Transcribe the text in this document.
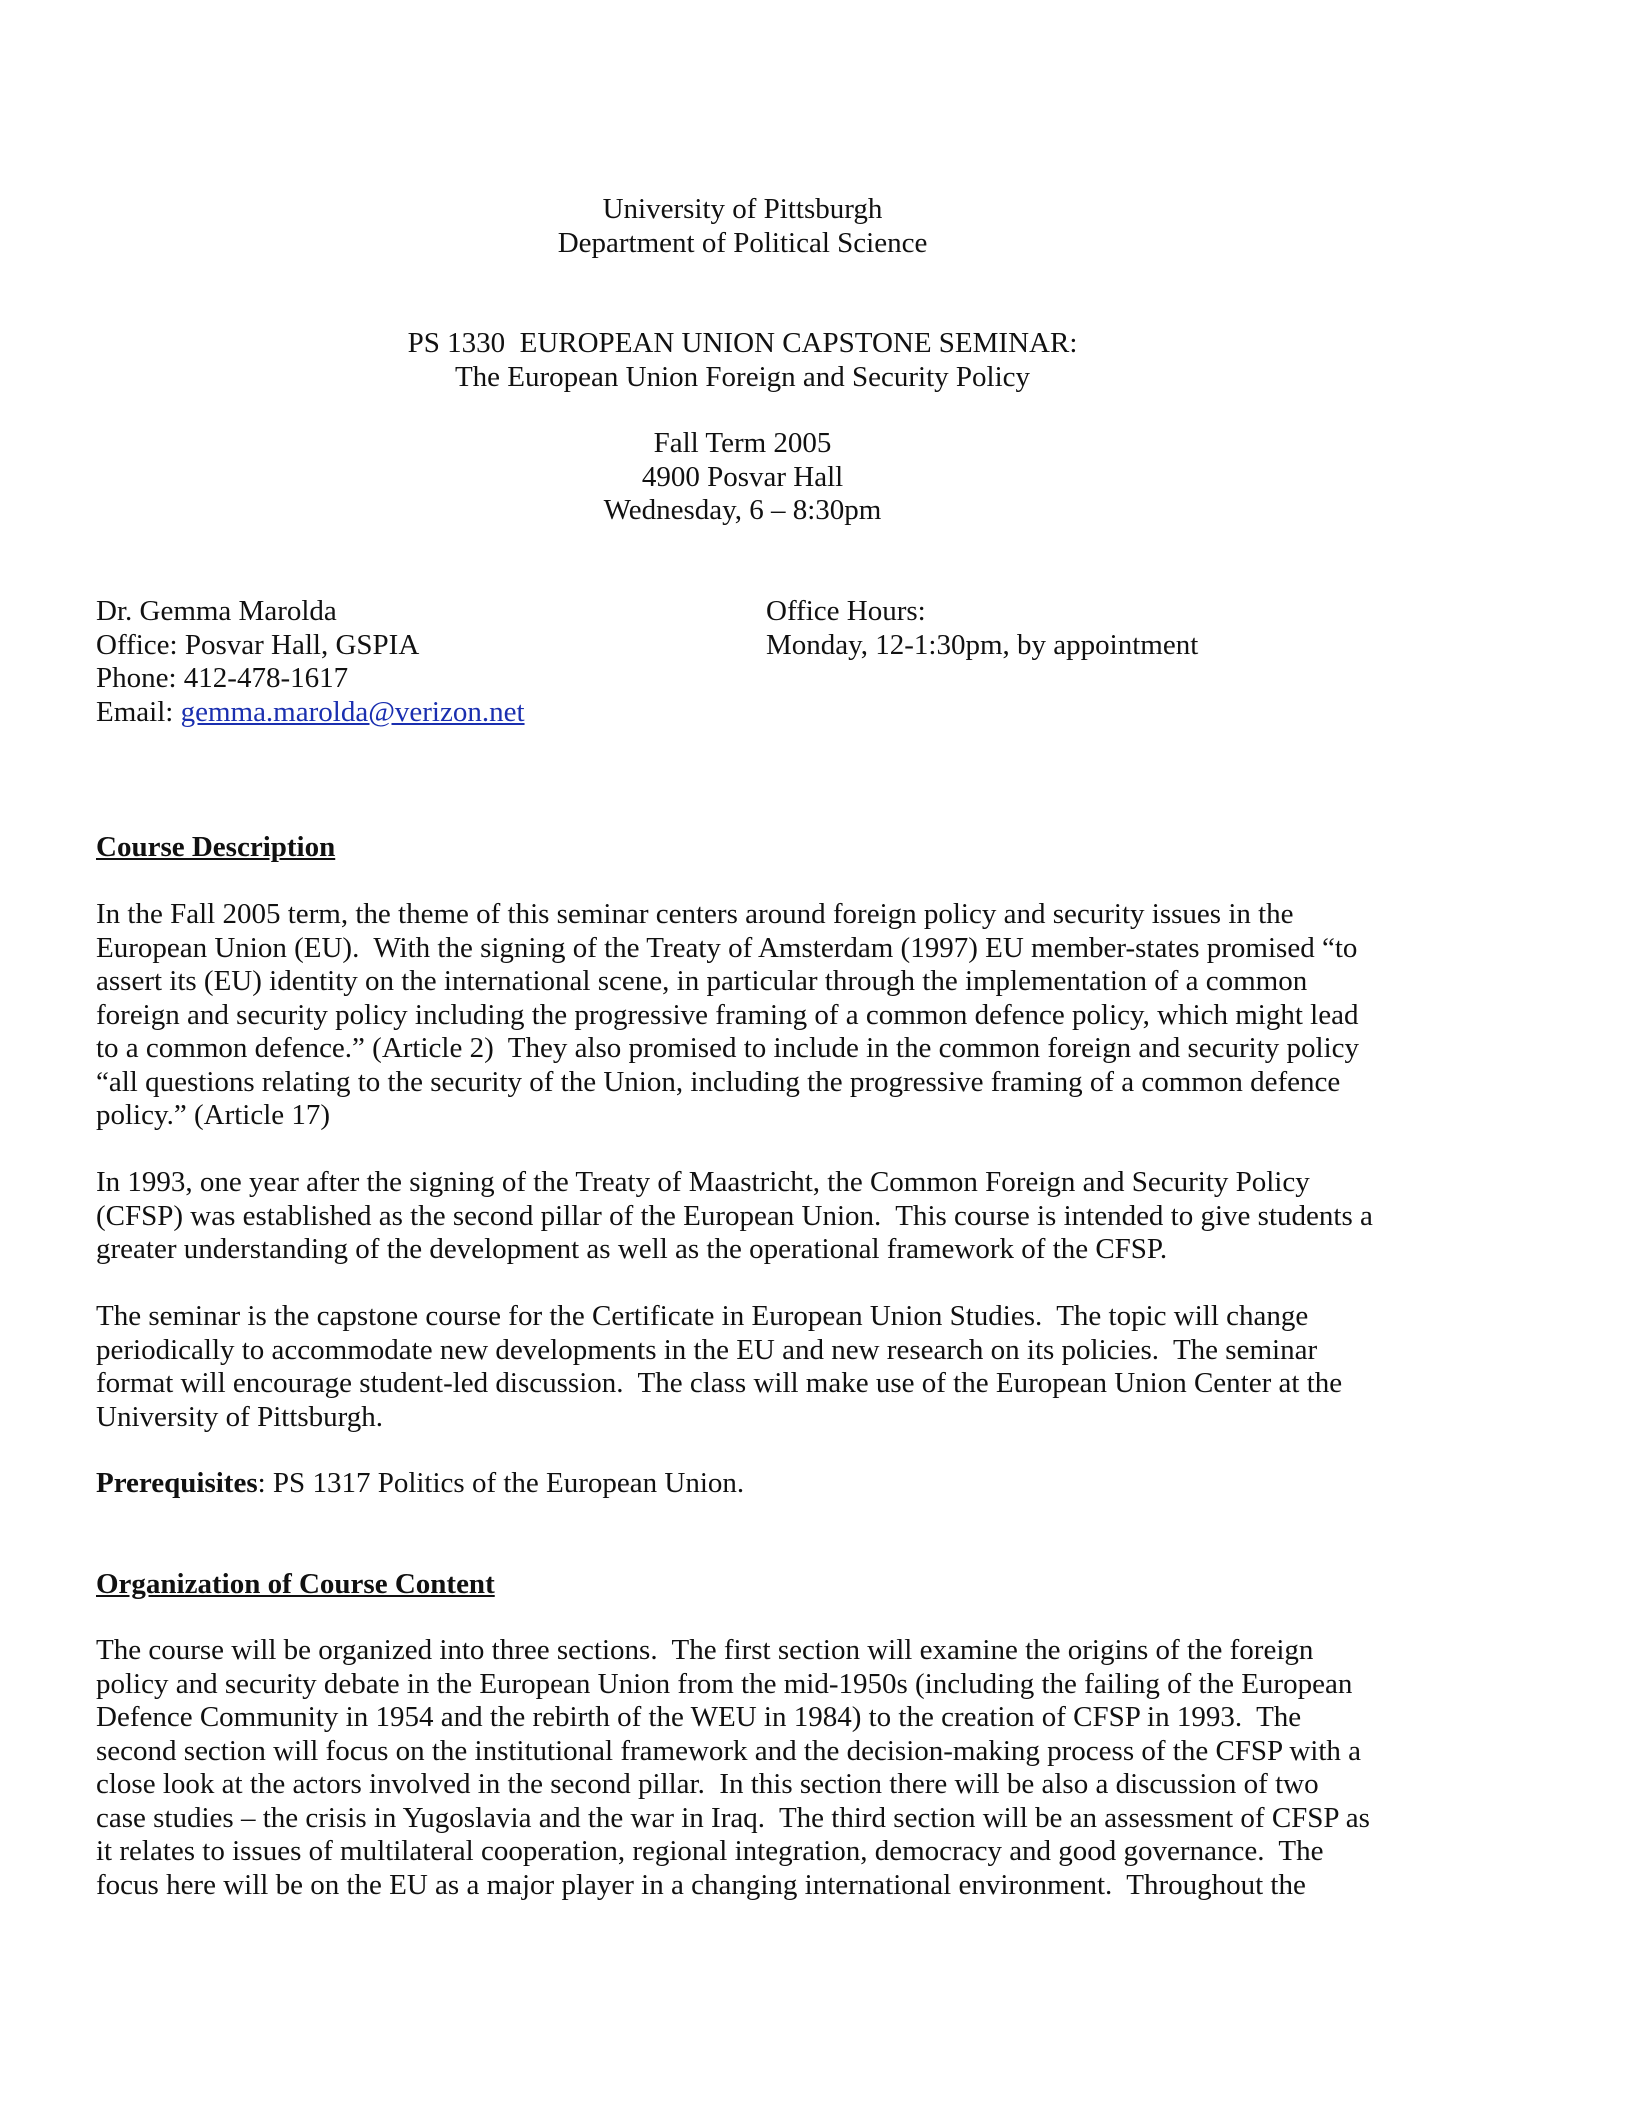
University of Pittsburgh
Department of Political Science
PS 1330  EUROPEAN UNION CAPSTONE SEMINAR:
The European Union Foreign and Security Policy
Fall Term 2005
4900 Posvar Hall
Wednesday, 6 – 8:30pm
Dr. Gemma Marolda
Office: Posvar Hall, GSPIA
Phone: 412-478-1617
Email: gemma.marolda@verizon.net
Office Hours:
Monday, 12-1:30pm, by appointment
Course Description
In the Fall 2005 term, the theme of this seminar centers around foreign policy and security issues in the
European Union (EU).  With the signing of the Treaty of Amsterdam (1997) EU member-states promised “to
assert its (EU) identity on the international scene, in particular through the implementation of a common
foreign and security policy including the progressive framing of a common defence policy, which might lead
to a common defence.” (Article 2)  They also promised to include in the common foreign and security policy
“all questions relating to the security of the Union, including the progressive framing of a common defence
policy.” (Article 17)
In 1993, one year after the signing of the Treaty of Maastricht, the Common Foreign and Security Policy
(CFSP) was established as the second pillar of the European Union.  This course is intended to give students a
greater understanding of the development as well as the operational framework of the CFSP.
The seminar is the capstone course for the Certificate in European Union Studies.  The topic will change
periodically to accommodate new developments in the EU and new research on its policies.  The seminar
format will encourage student-led discussion.  The class will make use of the European Union Center at the
University of Pittsburgh.
Prerequisites: PS 1317 Politics of the European Union.
Organization of Course Content
The course will be organized into three sections.  The first section will examine the origins of the foreign
policy and security debate in the European Union from the mid-1950s (including the failing of the European
Defence Community in 1954 and the rebirth of the WEU in 1984) to the creation of CFSP in 1993.  The
second section will focus on the institutional framework and the decision-making process of the CFSP with a
close look at the actors involved in the second pillar.  In this section there will be also a discussion of two
case studies – the crisis in Yugoslavia and the war in Iraq.  The third section will be an assessment of CFSP as
it relates to issues of multilateral cooperation, regional integration, democracy and good governance.  The
focus here will be on the EU as a major player in a changing international environment.  Throughout the
